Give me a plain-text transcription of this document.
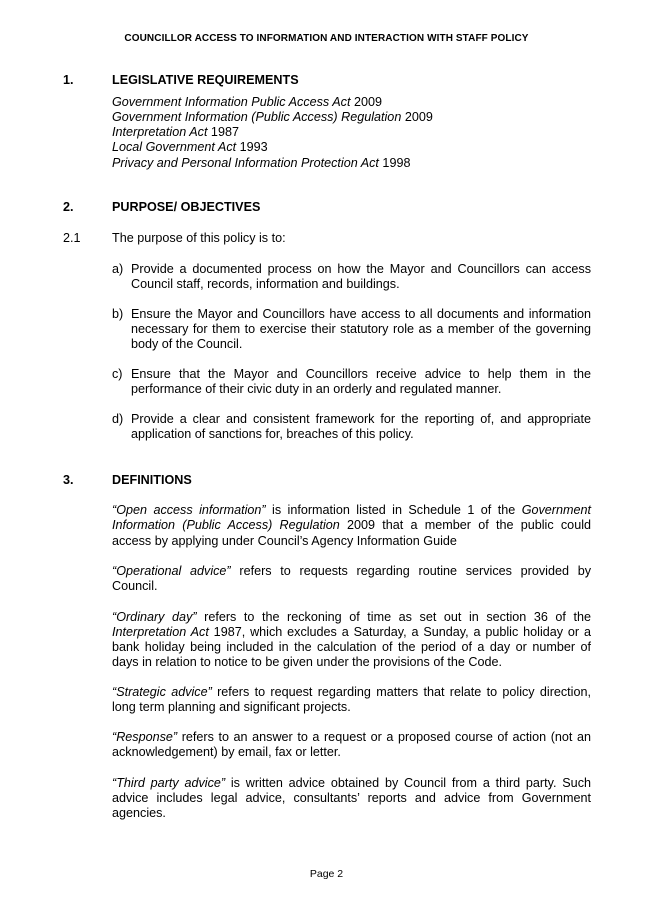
COUNCILLOR ACCESS TO INFORMATION AND INTERACTION WITH STAFF POLICY
1.	LEGISLATIVE REQUIREMENTS
Government Information Public Access Act 2009
Government Information (Public Access) Regulation 2009
Interpretation Act 1987
Local Government Act 1993
Privacy and Personal Information Protection Act 1998
2.	PURPOSE/ OBJECTIVES
2.1 The purpose of this policy is to:
a) Provide a documented process on how the Mayor and Councillors can access Council staff, records, information and buildings.
b) Ensure the Mayor and Councillors have access to all documents and information necessary for them to exercise their statutory role as a member of the governing body of the Council.
c) Ensure that the Mayor and Councillors receive advice to help them in the performance of their civic duty in an orderly and regulated manner.
d) Provide a clear and consistent framework for the reporting of, and appropriate application of sanctions for, breaches of this policy.
3.	DEFINITIONS
“Open access information” is information listed in Schedule 1 of the Government Information (Public Access) Regulation 2009 that a member of the public could access by applying under Council’s Agency Information Guide
“Operational advice” refers to requests regarding routine services provided by Council.
“Ordinary day” refers to the reckoning of time as set out in section 36 of the Interpretation Act 1987, which excludes a Saturday, a Sunday, a public holiday or a bank holiday being included in the calculation of the period of a day or number of days in relation to notice to be given under the provisions of the Code.
“Strategic advice” refers to request regarding matters that relate to policy direction, long term planning and significant projects.
“Response” refers to an answer to a request or a proposed course of action (not an acknowledgement) by email, fax or letter.
“Third party advice” is written advice obtained by Council from a third party. Such advice includes legal advice, consultants’ reports and advice from Government agencies.
Page 2
